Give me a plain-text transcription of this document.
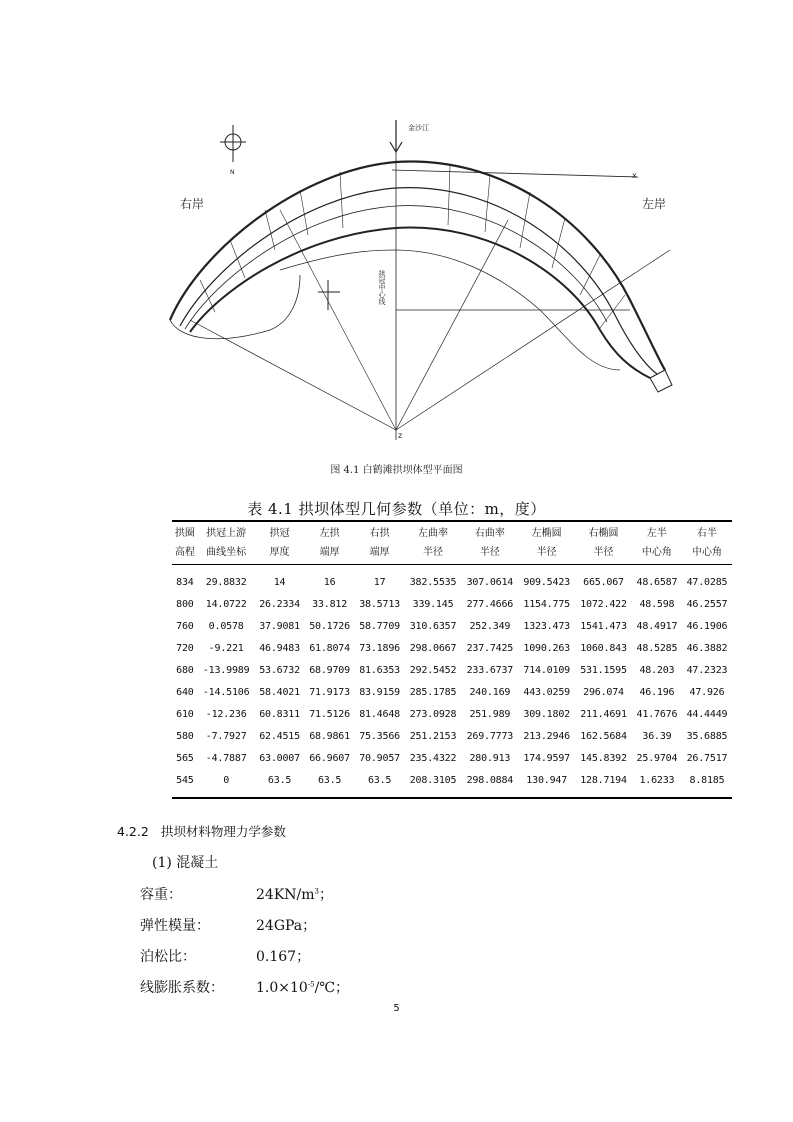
右岸	左岸
金沙江
x
z
N
拱冠中心线
图 4.1 白鹤滩拱坝体型平面图
表 4.1 拱坝体型几何参数（单位：m，度）
拱圈	拱冠上游	拱冠	左拱	右拱	左曲率	右曲率	左椭圆	右椭圆	左半	右半
高程	曲线坐标	厚度	端厚	端厚	半径	半径	半径	半径	中心角	中心角
834	29.8832	14	16	17	382.5535	307.0614	909.5423	665.067	48.6587	47.0285
800	14.0722	26.2334	33.812	38.5713	339.145	277.4666	1154.775	1072.422	48.598	46.2557
760	0.0578	37.9081	50.1726	58.7709	310.6357	252.349	1323.473	1541.473	48.4917	46.1906
720	-9.221	46.9483	61.8074	73.1896	298.0667	237.7425	1090.263	1060.843	48.5285	46.3882
680	-13.9989	53.6732	68.9709	81.6353	292.5452	233.6737	714.0109	531.1595	48.203	47.2323
640	-14.5106	58.4021	71.9173	83.9159	285.1785	240.169	443.0259	296.074	46.196	47.926
610	-12.236	60.8311	71.5126	81.4648	273.0928	251.989	309.1802	211.4691	41.7676	44.4449
580	-7.7927	62.4515	68.9861	75.3566	251.2153	269.7773	213.2946	162.5684	36.39	35.6885
565	-4.7887	63.0007	66.9607	70.9057	235.4322	280.913	174.9597	145.8392	25.9704	26.7517
545	0	63.5	63.5	63.5	208.3105	298.0884	130.947	128.7194	1.6233	8.8185
4.2.2 拱坝材料物理力学参数
(1) 混凝土
容重：	$24KN/m^3$；
弹性模量：	24GPa；
泊松比：	0.167；
线膨胀系数： $1.0\times 10^{-5}/℃$；
5
